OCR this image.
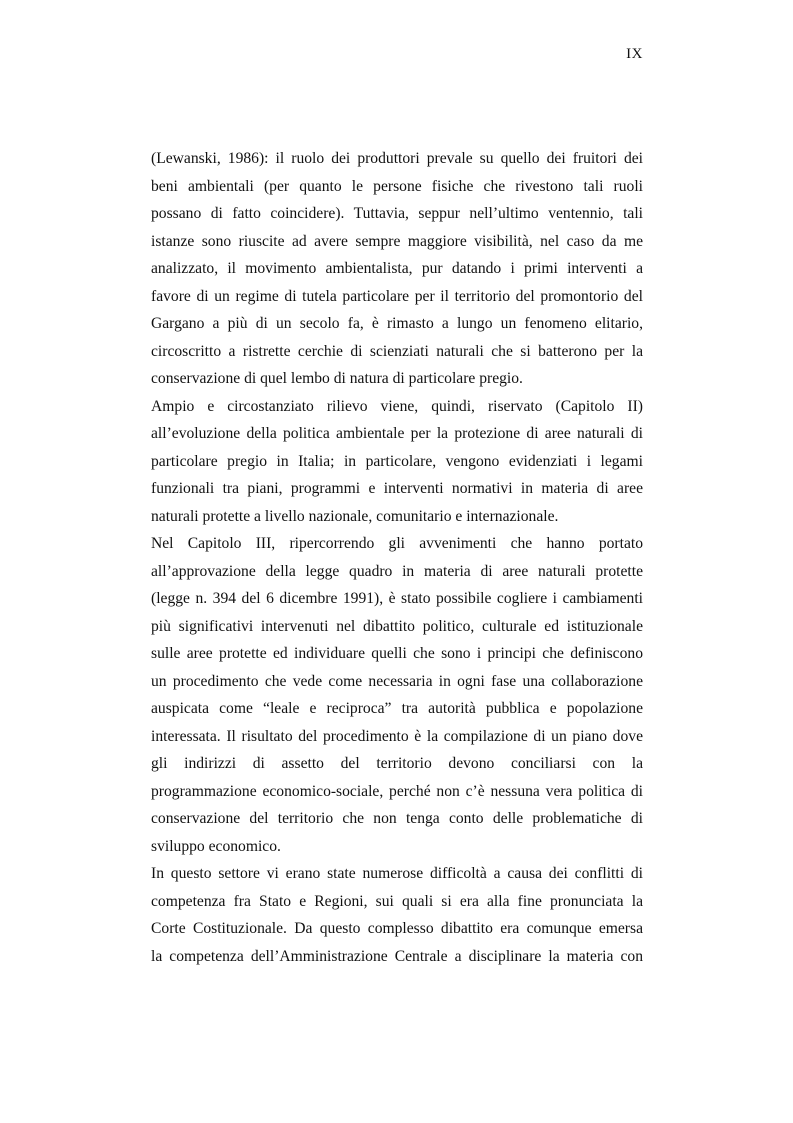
IX
(Lewanski, 1986): il ruolo dei produttori prevale su quello dei fruitori dei
beni ambientali (per quanto le persone fisiche che rivestono tali ruoli
possano di fatto coincidere). Tuttavia, seppur nell’ultimo ventennio, tali
istanze sono riuscite ad avere sempre maggiore visibilità, nel caso da me
analizzato, il movimento ambientalista, pur datando i primi interventi a
favore di un regime di tutela particolare per il territorio del promontorio del
Gargano a più di un secolo fa, è rimasto a lungo un fenomeno elitario,
circoscritto a ristrette cerchie di scienziati naturali che si batterono per la
conservazione di quel lembo di natura di particolare pregio.
Ampio e circostanziato rilievo viene, quindi, riservato (Capitolo II)
all’evoluzione della politica ambientale per la protezione di aree naturali di
particolare pregio in Italia; in particolare, vengono evidenziati i legami
funzionali tra piani, programmi e interventi normativi in materia di aree
naturali protette a livello nazionale, comunitario e internazionale.
Nel Capitolo III, ripercorrendo gli avvenimenti che hanno portato
all’approvazione della legge quadro in materia di aree naturali protette
(legge n. 394 del 6 dicembre 1991), è stato possibile cogliere i cambiamenti
più significativi intervenuti nel dibattito politico, culturale ed istituzionale
sulle aree protette ed individuare quelli che sono i principi che definiscono
un procedimento che vede come necessaria in ogni fase una collaborazione
auspicata come “leale e reciproca” tra autorità pubblica e popolazione
interessata. Il risultato del procedimento è la compilazione di un piano dove
gli indirizzi di assetto del territorio devono conciliarsi con la
programmazione economico-sociale, perché non c’è nessuna vera politica di
conservazione del territorio che non tenga conto delle problematiche di
sviluppo economico.
In questo settore vi erano state numerose difficoltà a causa dei conflitti di
competenza fra Stato e Regioni, sui quali si era alla fine pronunciata la
Corte Costituzionale. Da questo complesso dibattito era comunque emersa
la competenza dell’Amministrazione Centrale a disciplinare la materia con
